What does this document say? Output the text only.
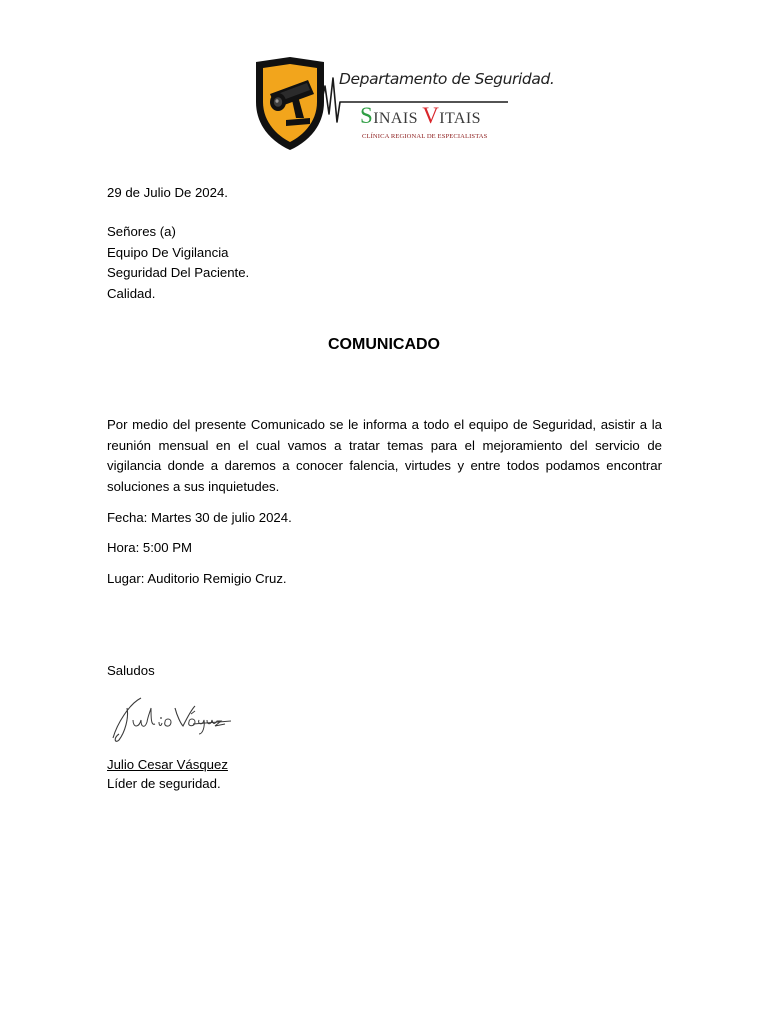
Departamento de Seguridad.
SINAIS VITAIS
CLÍNICA REGIONAL DE ESPECIALISTAS
29 de Julio De 2024.
Señores (a)
Equipo De Vigilancia
Seguridad Del Paciente.
Calidad.
COMUNICADO
Por medio del presente Comunicado se le informa a todo el equipo de Seguridad, asistir a la reunión mensual en el cual vamos a tratar temas para el mejoramiento del servicio de vigilancia donde a daremos a conocer falencia, virtudes y entre todos podamos encontrar soluciones a sus inquietudes.
Fecha: Martes 30 de julio 2024.
Hora: 5:00 PM
Lugar: Auditorio Remigio Cruz.
Saludos
Julio Cesar Vásquez
Líder de seguridad.
